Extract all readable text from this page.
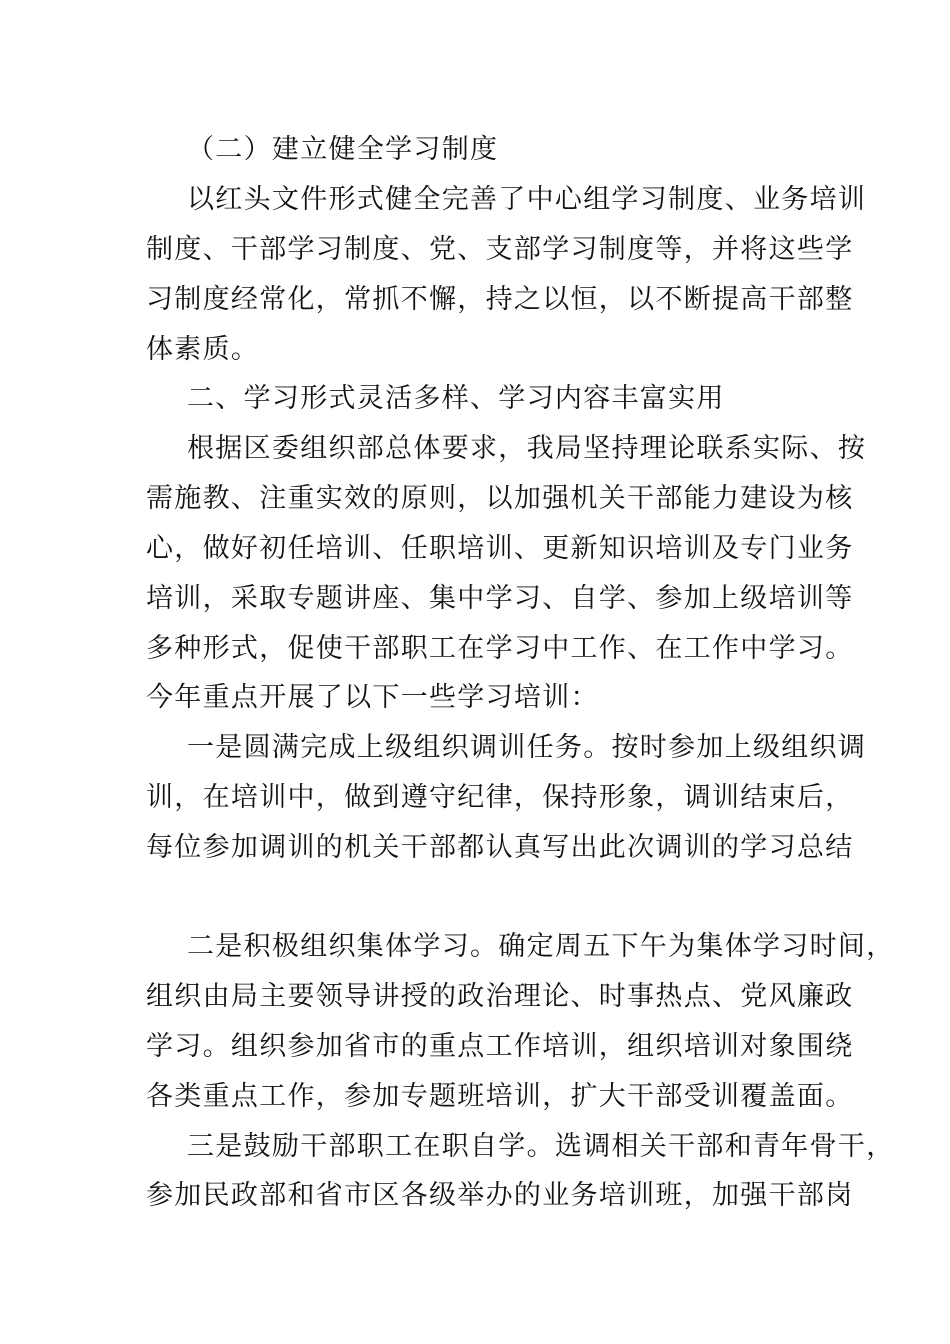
（二）建立健全学习制度
以红头文件形式健全完善了中心组学习制度、业务培训
制度、干部学习制度、党、支部学习制度等，并将这些学
习制度经常化，常抓不懈，持之以恒，以不断提高干部整
体素质。
二、学习形式灵活多样、学习内容丰富实用
根据区委组织部总体要求，我局坚持理论联系实际、按
需施教、注重实效的原则，以加强机关干部能力建设为核
心，做好初任培训、任职培训、更新知识培训及专门业务
培训，采取专题讲座、集中学习、自学、参加上级培训等
多种形式，促使干部职工在学习中工作、在工作中学习。
今年重点开展了以下一些学习培训：
一是圆满完成上级组织调训任务。按时参加上级组织调
训，在培训中，做到遵守纪律，保持形象，调训结束后，
每位参加调训的机关干部都认真写出此次调训的学习总结
二是积极组织集体学习。确定周五下午为集体学习时间，
组织由局主要领导讲授的政治理论、时事热点、党风廉政
学习。组织参加省市的重点工作培训，组织培训对象围绕
各类重点工作，参加专题班培训，扩大干部受训覆盖面。
三是鼓励干部职工在职自学。选调相关干部和青年骨干，
参加民政部和省市区各级举办的业务培训班，加强干部岗
